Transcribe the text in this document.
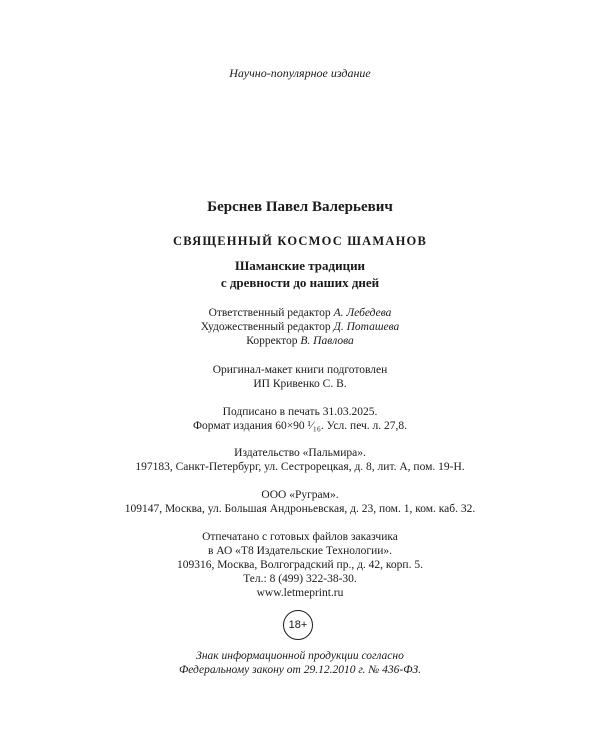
Научно-популярное издание
Берснев Павел Валерьевич
СВЯЩЕННЫЙ КОСМОС ШАМАНОВ
Шаманские традиции
с древности до наших дней
Ответственный редактор А. Лебедева
Художественный редактор Д. Поташева
Корректор В. Павлова
Оригинал-макет книги подготовлен
ИП Кривенко С. В.
Подписано в печать 31.03.2025.
Формат издания 60×90 ¹⁄₁₆. Усл. печ. л. 27,8.
Издательство «Пальмира».
197183, Санкт-Петербург, ул. Сестрорецкая, д. 8, лит. А, пом. 19-Н.
ООО «Руграм».
109147, Москва, ул. Большая Андроньевская, д. 23, пом. 1, ком. каб. 32.
Отпечатано с готовых файлов заказчика
в АО «Т8 Издательские Технологии».
109316, Москва, Волгоградский пр., д. 42, корп. 5.
Тел.: 8 (499) 322-38-30.
www.letmeprint.ru
18+
Знак информационной продукции согласно
Федеральному закону от 29.12.2010 г. № 436-ФЗ.
